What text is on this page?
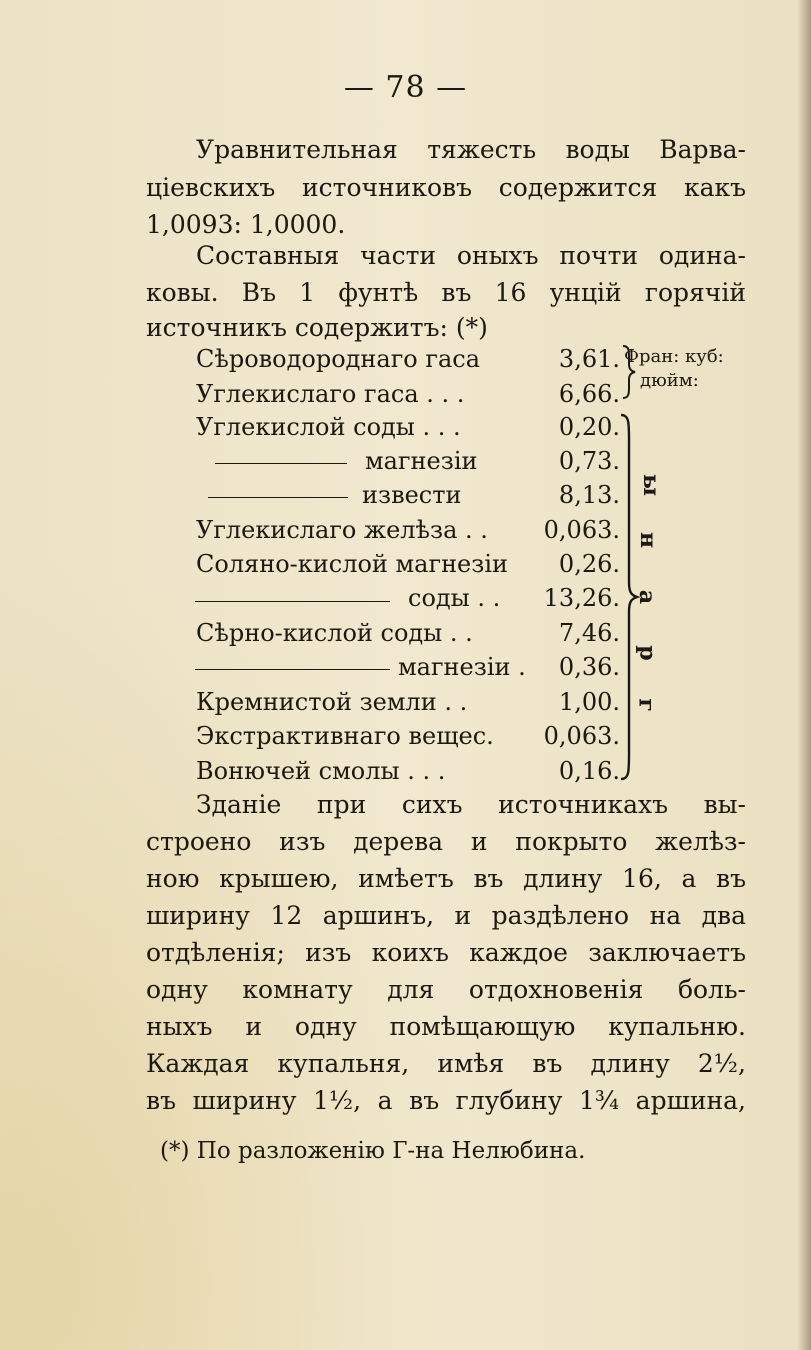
— 78 —
Уравнительная тяжесть воды Варва-
ціевскихъ источниковъ содержится какъ
1,0093: 1,0000.
Составныя части оныхъ почти одина-
ковы. Въ 1 фунтѣ въ 16 унцій горячій
источникъ содержитъ: (*)
Сѣроводороднаго гаса	3,61.
Углекислаго гаса . . .	6,66.
Углекислой соды . . .	0,20.
магнезіи	0,73.
извести	8,13.
Углекислаго желѣза . .	0,063.
Соляно-кислой магнезіи	0,26.
соды . .	13,26.
Сѣрно-кислой соды . .	7,46.
магнезіи .	0,36.
Кремнистой земли . .	1,00.
Экстрактивнаго вещес.	0,063.
Вонючей смолы . . .	0,16.
Фран: куб:
дюйм:
ы
н
а
р
г
Зданіе при сихъ источникахъ вы-
строено изъ дерева и покрыто желѣз-
ною крышею, имѣетъ въ длину 16, а въ
ширину 12 аршинъ, и раздѣлено на два
отдѣленія; изъ коихъ каждое заключаетъ
одну комнату для отдохновенія боль-
ныхъ и одну помѣщающую купальню.
Каждая купальня, имѣя въ длину 2½,
въ ширину 1½, а въ глубину 1¾ аршина,
(*) По разложенію Г-на Нелюбина.
